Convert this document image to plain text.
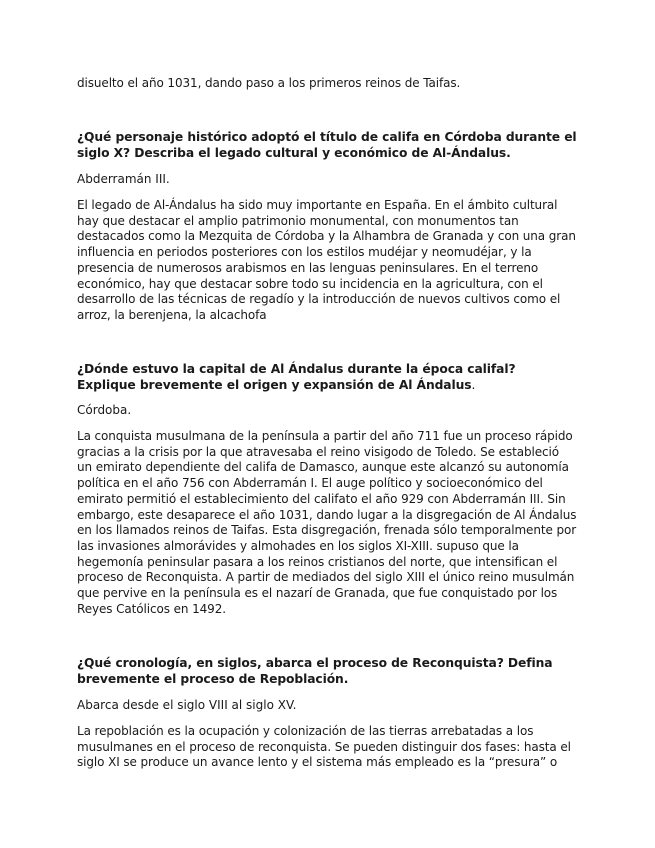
disuelto el año 1031, dando paso a los primeros reinos de Taifas.

¿Qué personaje histórico adoptó el título de califa en Córdoba durante el siglo X? Describa el legado cultural y económico de Al-Ándalus.

Abderramán III.

El legado de Al-Ándalus ha sido muy importante en España. En el ámbito cultural hay que destacar el amplio patrimonio monumental, con monumentos tan destacados como la Mezquita de Córdoba y la Alhambra de Granada y con una gran influencia en periodos posteriores con los estilos mudéjar y neomudéjar, y la presencia de numerosos arabismos en las lenguas peninsulares. En el terreno económico, hay que destacar sobre todo su incidencia en la agricultura, con el desarrollo de las técnicas de regadío y la introducción de nuevos cultivos como el arroz, la berenjena, la alcachofa

¿Dónde estuvo la capital de Al Ándalus durante la época califal? Explique brevemente el origen y expansión de Al Ándalus.

Córdoba.

La conquista musulmana de la península a partir del año 711 fue un proceso rápido gracias a la crisis por la que atravesaba el reino visigodo de Toledo. Se estableció un emirato dependiente del califa de Damasco, aunque este alcanzó su autonomía política en el año 756 con Abderramán I. El auge político y socioeconómico del emirato permitió el establecimiento del califato el año 929 con Abderramán III. Sin embargo, este desaparece el año 1031, dando lugar a la disgregación de Al Ándalus en los llamados reinos de Taifas. Esta disgregación, frenada sólo temporalmente por las invasiones almorávides y almohades en los siglos XI-XIII. supuso que la hegemonía peninsular pasara a los reinos cristianos del norte, que intensifican el proceso de Reconquista. A partir de mediados del siglo XIII el único reino musulmán que pervive en la península es el nazarí de Granada, que fue conquistado por los Reyes Católicos en 1492.

¿Qué cronología, en siglos, abarca el proceso de Reconquista? Defina brevemente el proceso de Repoblación.

Abarca desde el siglo VIII al siglo XV.

La repoblación es la ocupación y colonización de las tierras arrebatadas a los musulmanes en el proceso de reconquista. Se pueden distinguir dos fases: hasta el siglo XI se produce un avance lento y el sistema más empleado es la “presura” o
